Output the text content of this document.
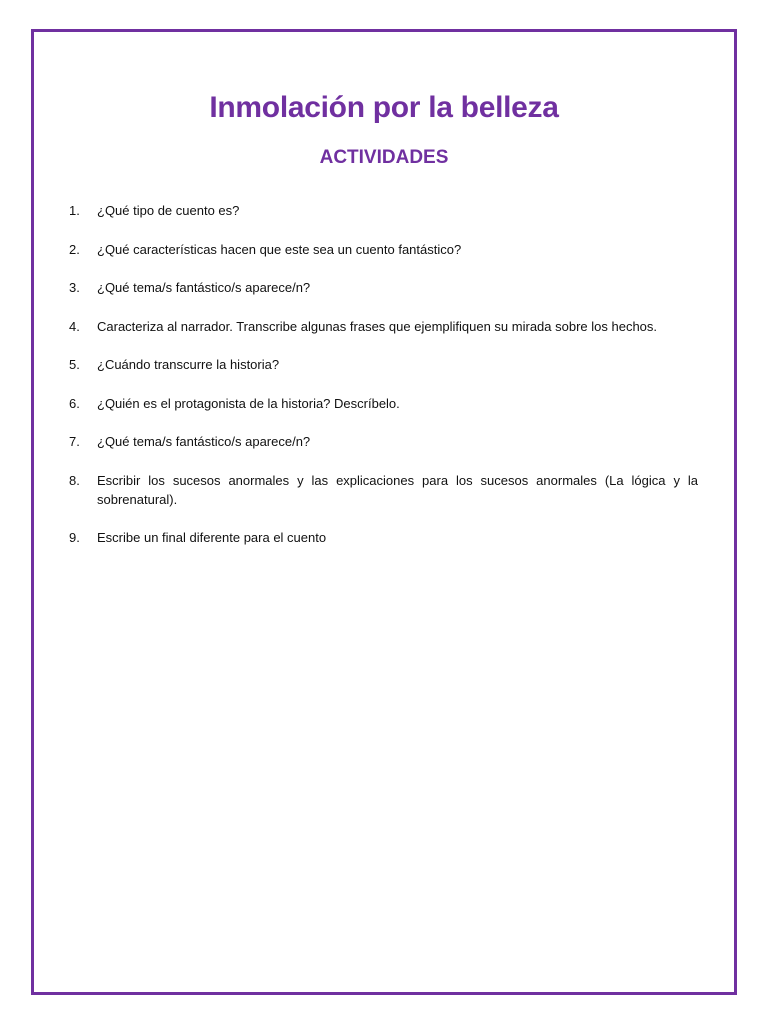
Inmolación por la belleza
ACTIVIDADES
1.	¿Qué tipo de cuento es?
2.	¿Qué características hacen que este sea un cuento fantástico?
3.	¿Qué tema/s fantástico/s aparece/n?
4.	Caracteriza al narrador. Transcribe algunas frases que ejemplifiquen su mirada sobre los hechos.
5.	¿Cuándo transcurre la historia?
6.	¿Quién es el protagonista de la historia? Descríbelo.
7.	¿Qué tema/s fantástico/s aparece/n?
8.	Escribir los sucesos anormales y las explicaciones para los sucesos anormales (La lógica y la sobrenatural).
9.	Escribe un final diferente para el cuento
